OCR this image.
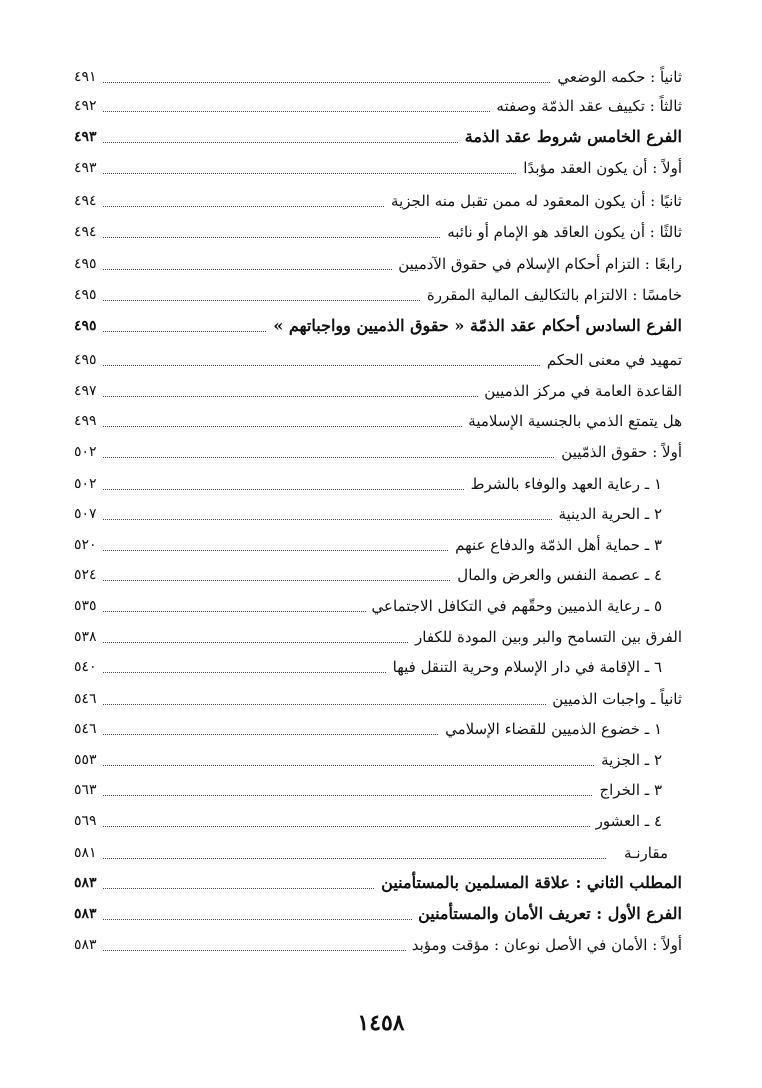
ثانياً : حكمه الوضعي
٤٩١
ثالثاً : تكييف عقد الذمّة وصفته
٤٩٢
الفرع الخامس شروط عقد الذمة
٤٩٣
أولاً : أن يكون العقد مؤبدًا
٤٩٣
ثانيًا : أن يكون المعقود له ممن تقبل منه الجزية
٤٩٤
ثالثًا : أن يكون العاقد هو الإمام أو نائبه
٤٩٤
رابعًا : التزام أحكام الإسلام في حقوق الآدميين
٤٩٥
خامسًا : الالتزام بالتكاليف المالية المقررة
٤٩٥
الفرع السادس أحكام عقد الذمّة « حقوق الذميين وواجباتهم »
٤٩٥
تمهيد في معنى الحكم
٤٩٥
القاعدة العامة في مركز الذميين
٤٩٧
هل يتمتع الذمي بالجنسية الإسلامية
٤٩٩
أولاً : حقوق الذمّيين
٥٠٢
١ ـ رعاية العهد والوفاء بالشرط
٥٠٢
٢ ـ الحرية الدينية
٥٠٧
٣ ـ حماية أهل الذمّة والدفاع عنهم
٥٢٠
٤ ـ عصمة النفس والعرض والمال
٥٢٤
٥ ـ رعاية الذميين وحقّهم في التكافل الاجتماعي
٥٣٥
الفرق بين التسامح والبر وبين المودة للكفار
٥٣٨
٦ ـ الإقامة في دار الإسلام وحرية التنقل فيها
٥٤٠
ثانياً ـ واجبات الذميين
٥٤٦
١ ـ خضوع الذميين للقضاء الإسلامي
٥٤٦
٢ ـ الجزية
٥٥٣
٣ ـ الخراج
٥٦٣
٤ ـ العشور
٥٦٩
مقارنـة
٥٨١
المطلب الثاني : علاقة المسلمين بالمستأمنين
٥٨٣
الفرع الأول : تعريف الأمان والمستأمنين
٥٨٣
أولاً : الأمان في الأصل نوعان : مؤقت ومؤبد
٥٨٣
١٤٥٨
